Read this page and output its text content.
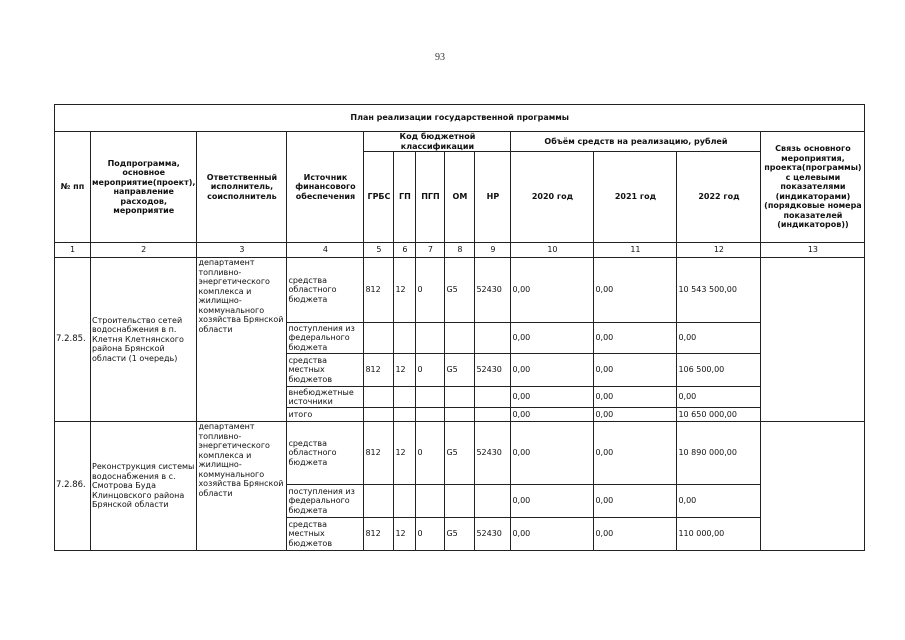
93
План реализации государственной программы												
№ пп	Подпрограмма, основное мероприятие(проект), направление расходов, мероприятие	Ответственный исполнитель, соисполнитель	Источник финансового обеспечения	Код бюджетной классификации					Объём средств на реализацию, рублей			Связь основного мероприятия, проекта(программы) с целевыми показателями (индикаторами) (порядковые номера показателей (индикаторов))
				ГРБС	ГП	ПГП	ОМ	НР	2020 год	2021 год	2022 год	
1	2	3	4	5	6	7	8	9	10	11	12	13
7.2.85.	Строительство сетей водоснабжения в п. Клетня Клетнянского района Брянской области (1 очередь)	департамент топливно-энергетического комплекса и жилищно-коммунального хозяйства Брянской области	средства областного бюджета	812	12	0	G5	52430	0,00	0,00	10 543 500,00	
			поступления из федерального бюджета						0,00	0,00	0,00	
			средства местных бюджетов	812	12	0	G5	52430	0,00	0,00	106 500,00	
			внебюджетные источники						0,00	0,00	0,00	
			итого						0,00	0,00	10 650 000,00	
7.2.86.	Реконструкция системы водоснабжения в с. Смотрова Буда Клинцовского района Брянской области	департамент топливно-энергетического комплекса и жилищно-коммунального хозяйства Брянской области	средства областного бюджета	812	12	0	G5	52430	0,00	0,00	10 890 000,00	
			поступления из федерального бюджета						0,00	0,00	0,00	
			средства местных бюджетов	812	12	0	G5	52430	0,00	0,00	110 000,00	
